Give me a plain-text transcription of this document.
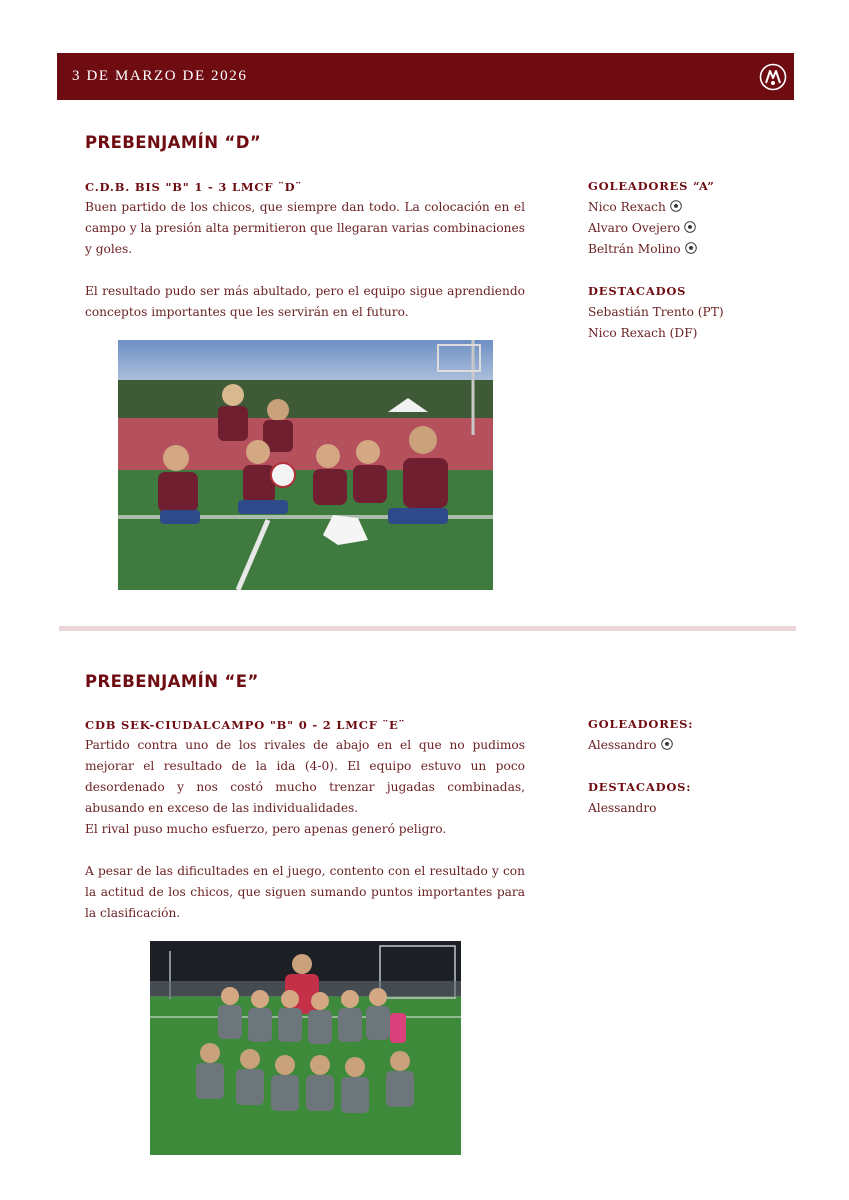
3 DE MARZO DE 2026
PREBENJAMÍN “D”
C.D.B. BIS "B" 1 - 3 LMCF ¨D¨

Buen partido de los chicos, que siempre dan todo. La colocación en el campo y la presión alta permitieron que llegaran varias combinaciones y goles.

El resultado pudo ser más abultado, pero el equipo sigue aprendiendo conceptos importantes que les servirán en el futuro.

GOLEADORES “A”
Nico Rexach
Alvaro Ovejero
Beltrán Molino
DESTACADOS
Sebastián Trento (PT)
Nico Rexach (DF)
PREBENJAMÍN “E”
CDB SEK-CIUDALCAMPO "B" 0 - 2 LMCF ¨E¨

Partido contra uno de los rivales de abajo en el que no pudimos mejorar el resultado de la ida (4-0). El equipo estuvo un poco desordenado y nos costó mucho trenzar jugadas combinadas, abusando en exceso de las individualidades.

El rival puso mucho esfuerzo, pero apenas generó peligro.

A pesar de las dificultades en el juego, contento con el resultado y con la actitud de los chicos, que siguen sumando puntos importantes para la clasificación.

GOLEADORES:
Alessandro
DESTACADOS:
Alessandro
